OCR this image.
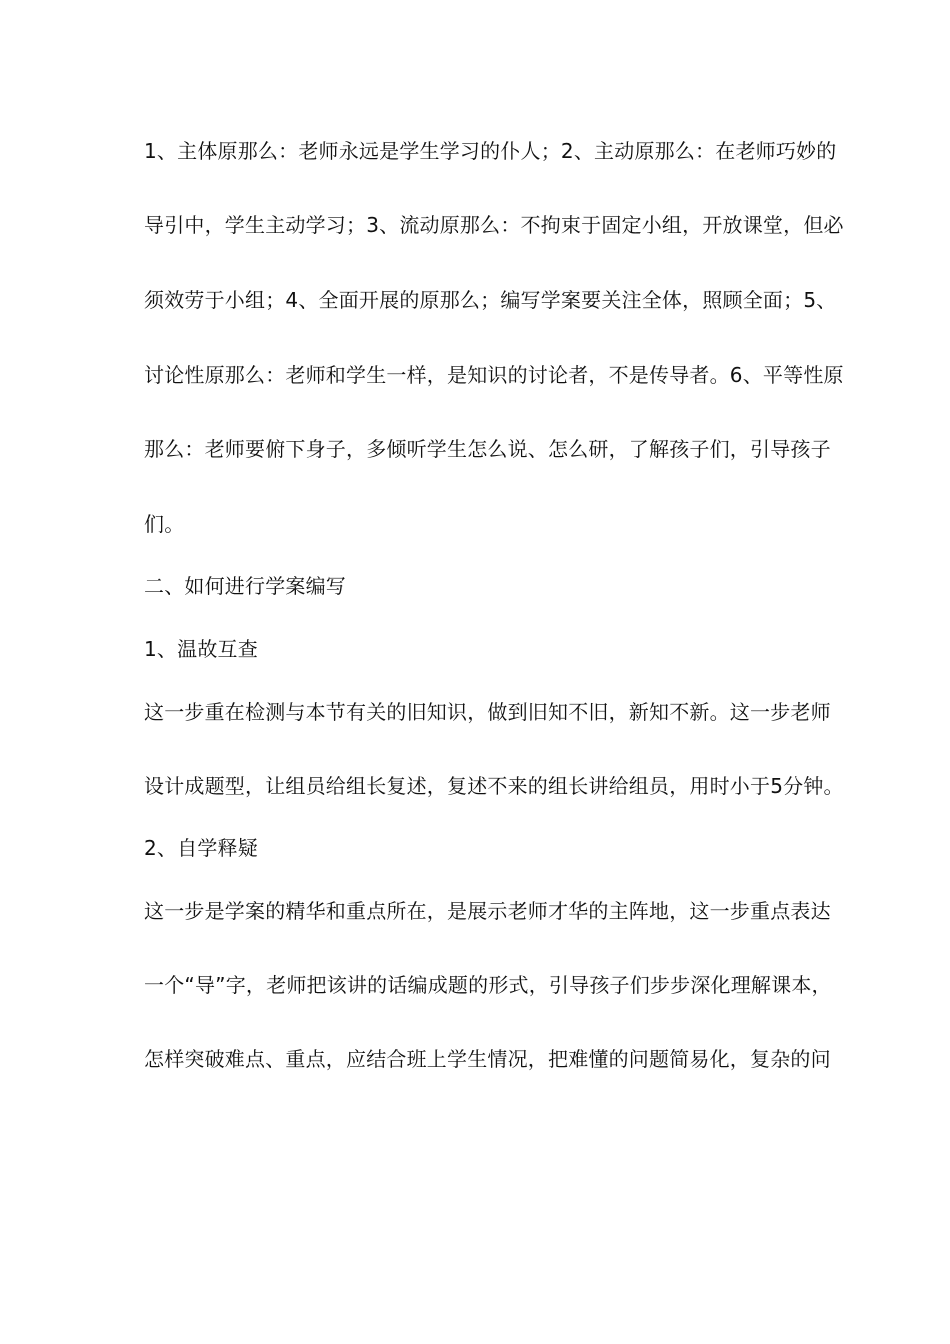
1、主体原那么：老师永远是学生学习的仆人；2、主动原那么：在老师巧妙的
导引中，学生主动学习；3、流动原那么：不拘束于固定小组，开放课堂，但必
须效劳于小组；4、全面开展的原那么；编写学案要关注全体，照顾全面；5、
讨论性原那么：老师和学生一样，是知识的讨论者，不是传导者。6、平等性原
那么：老师要俯下身子，多倾听学生怎么说、怎么研，了解孩子们，引导孩子
们。
二、如何进行学案编写
1、温故互查
这一步重在检测与本节有关的旧知识，做到旧知不旧，新知不新。这一步老师
设计成题型，让组员给组长复述，复述不来的组长讲给组员，用时小于5分钟。
2、自学释疑
这一步是学案的精华和重点所在，是展示老师才华的主阵地，这一步重点表达
一个“导”字，老师把该讲的话编成题的形式，引导孩子们步步深化理解课本，
怎样突破难点、重点，应结合班上学生情况，把难懂的问题简易化，复杂的问
